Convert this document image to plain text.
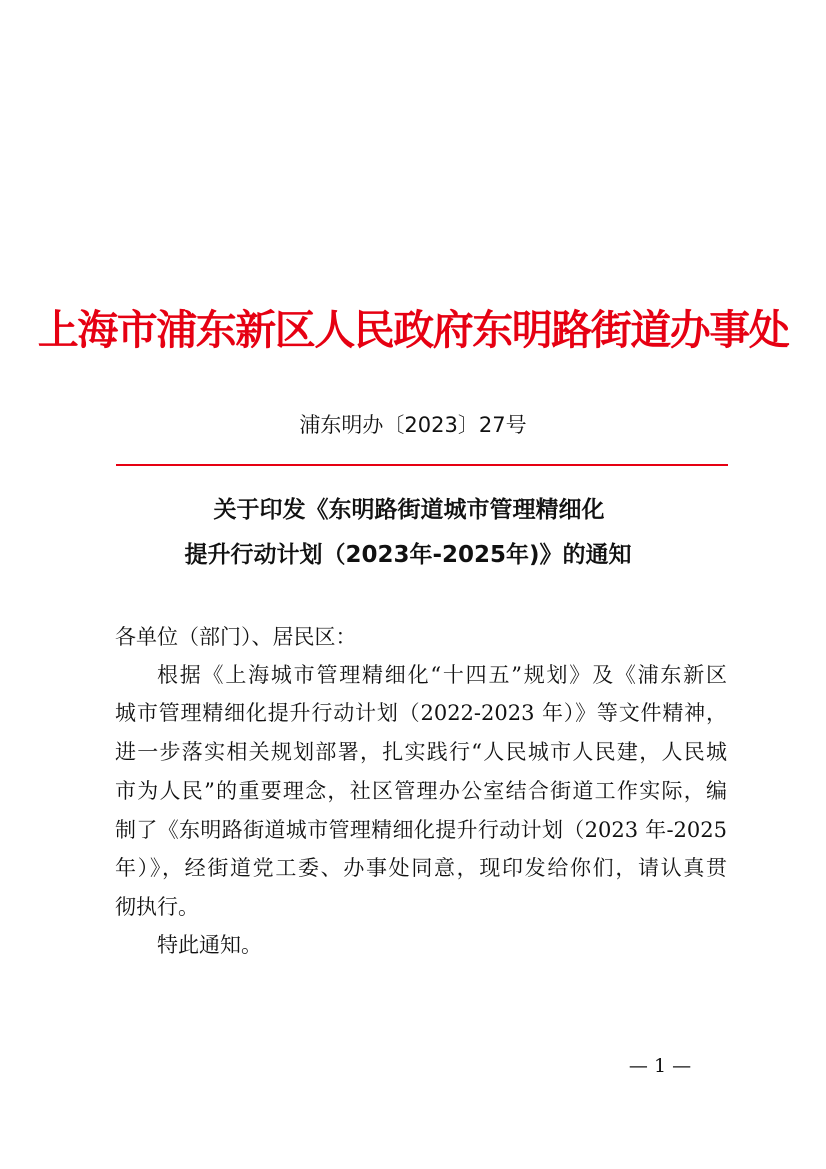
上海市浦东新区人民政府东明路街道办事处
浦东明办〔2023〕27号
关于印发《东明路街道城市管理精细化
提升行动计划（2023年-2025年)》的通知
各单位（部门）、居民区：
根据《上海城市管理精细化“十四五”规划》及《浦东新区
城市管理精细化提升行动计划（2022-2023 年）》等文件精神，
进一步落实相关规划部署，扎实践行“人民城市人民建，人民城
市为人民”的重要理念，社区管理办公室结合街道工作实际，编
制了《东明路街道城市管理精细化提升行动计划（2023 年-2025
年）》，经街道党工委、办事处同意，现印发给你们，请认真贯
彻执行。
特此通知。
— 1 —
